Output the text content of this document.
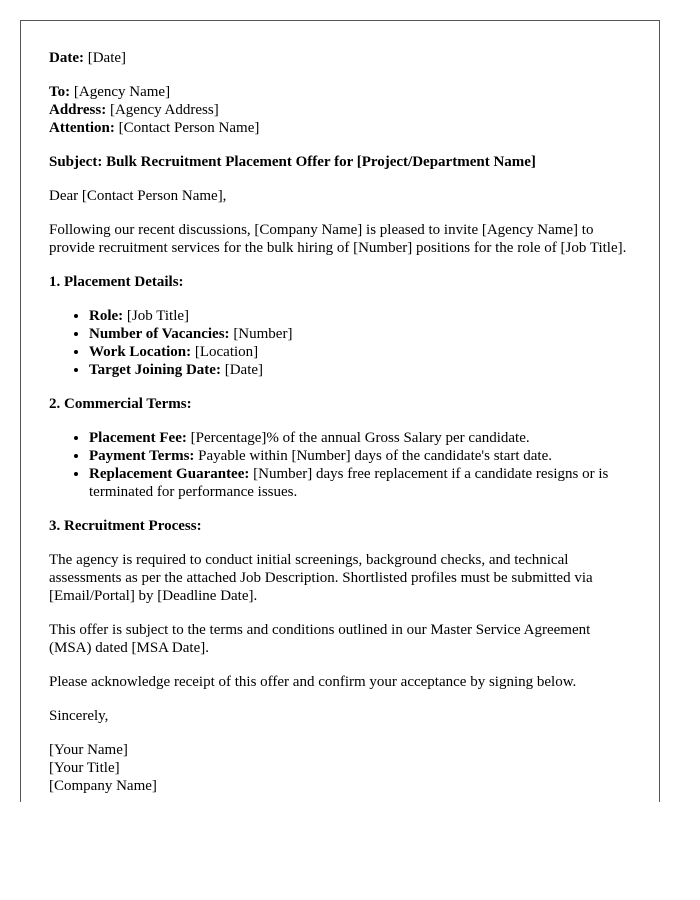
Date: [Date]

To: [Agency Name]
Address: [Agency Address]
Attention: [Contact Person Name]

Subject: Bulk Recruitment Placement Offer for [Project/Department Name]

Dear [Contact Person Name],

Following our recent discussions, [Company Name] is pleased to invite [Agency Name] to provide recruitment services for the bulk hiring of [Number] positions for the role of [Job Title].

1. Placement Details:
• Role: [Job Title]
• Number of Vacancies: [Number]
• Work Location: [Location]
• Target Joining Date: [Date]
2. Commercial Terms:
• Placement Fee: [Percentage]% of the annual Gross Salary per candidate.
• Payment Terms: Payable within [Number] days of the candidate's start date.
• Replacement Guarantee: [Number] days free replacement if a candidate resigns or is terminated for performance issues.
3. Recruitment Process:

The agency is required to conduct initial screenings, background checks, and technical assessments as per the attached Job Description. Shortlisted profiles must be submitted via [Email/Portal] by [Deadline Date].

This offer is subject to the terms and conditions outlined in our Master Service Agreement (MSA) dated [MSA Date].

Please acknowledge receipt of this offer and confirm your acceptance by signing below.

Sincerely,

[Your Name]
[Your Title]
[Company Name]
